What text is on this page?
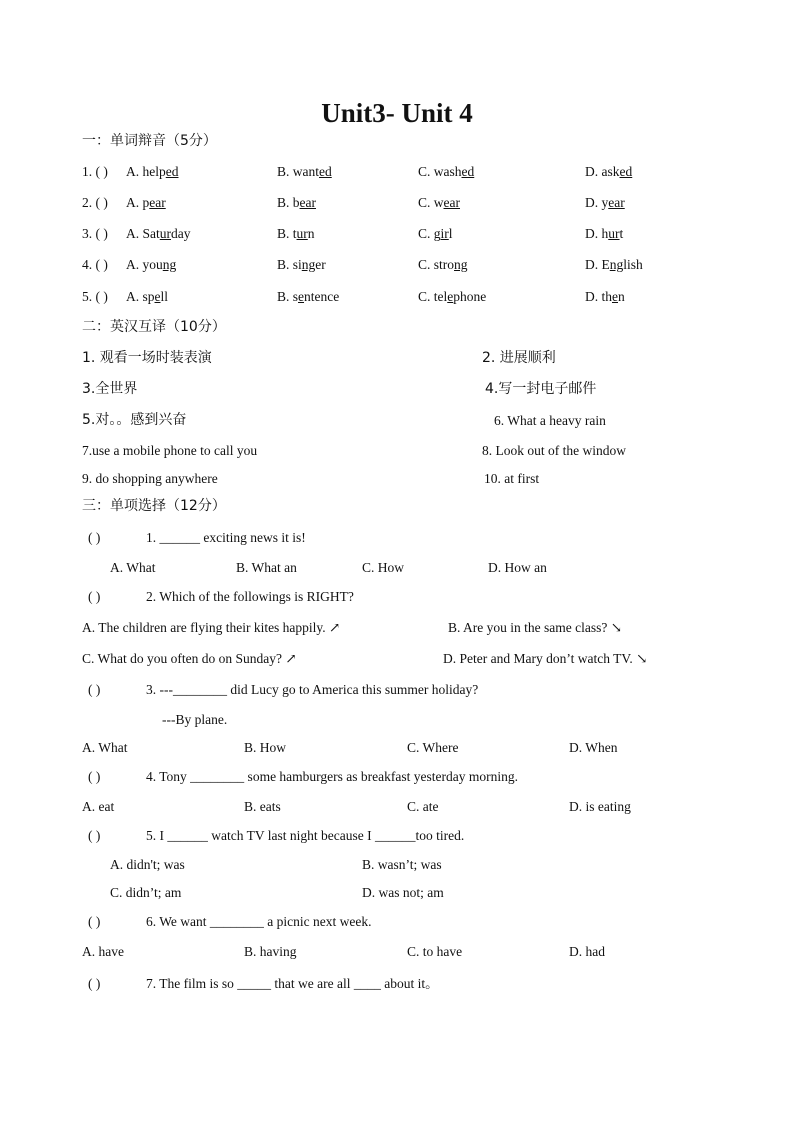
Unit3- Unit 4
一：单词辩音（5分）
1. ( ) A. helped	B. wanted	C. washed	D. asked
2. ( ) A. pear	B. bear	C. wear	D. year
3. ( ) A. Saturday	B. turn	C. girl	D. hurt
4. ( ) A. young	B. singer	C. strong	D. English
5. ( ) A. spell	B. sentence	C. telephone	D. then
二：英汉互译（10分）
1. 观看一场时装表演	2. 进展顺利
3.全世界	4.写一封电子邮件
5.对。。感到兴奋	6. What a heavy rain
7.use a mobile phone to call you	8. Look out of the window
9. do shopping anywhere	10. at first
三：单项选择（12分）
( )	1. ______ exciting news it is!
A. What	B. What an	C. How	D. How an
( )	2. Which of the followings is RIGHT?
A. The children are flying their kites happily. ↗	B. Are you in the same class? ↘
C. What do you often do on Sunday? ↗	D. Peter and Mary don’t watch TV. ↘
( )	3. ---________ did Lucy go to America this summer holiday?
---By plane.
A. What	B. How	C. Where	D. When
( )	4. Tony ________ some hamburgers as breakfast yesterday morning.
A. eat	B. eats	C. ate	D. is eating
( )	5. I ______ watch TV last night because I ______too tired.
A. didn't; was	B. wasn’t; was
C. didn’t; am	D. was not; am
( )	6. We want ________ a picnic next week.
A. have	B. having	C. to have	D. had
( )	7. The film is so _____ that we are all ____ about it。
